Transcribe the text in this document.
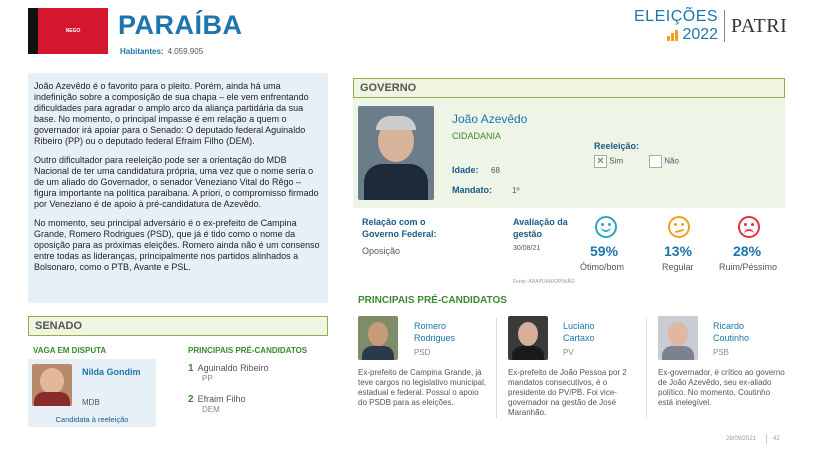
NEGO	PARAÍBA
Habitantes: 4.059.905
ELEIÇÕES
2022 PATRI

João Azevêdo é o favorito para o pleito. Porém, ainda há uma indefinição sobre a composição de sua chapa – ele vem enfrentando dificuldades para agradar o amplo arco da aliança partidária da sua base. No momento, o principal impasse é em relação a quem o governador irá apoiar para o Senado: O deputado federal Aguinaldo Ribeiro (PP) ou o deputado federal Efraim Filho (DEM).

Outro dificultador para reeleição pode ser a orientação do MDB Nacional de ter uma candidatura própria, uma vez que o nome seria o de um aliado do Governador, o senador Veneziano Vital do Rêgo – figura importante na política paraibana. A priori, o compromisso firmado por Veneziano é de apoio à pré-candidatura de Azevêdo.

No momento, seu principal adversário é o ex-prefeito de Campina Grande, Romero Rodrigues (PSD), que já é tido como o nome da oposição para as próximas eleições. Romero ainda não é um consenso entre todas as lideranças, principalmente nos partidos alinhados a Bolsonaro, como o PTB, Avante e PSL.

SENADO
VAGA EM DISPUTA
Nilda Gondim
MDB
Candidata à reeleição
PRINCIPAIS PRÉ-CANDIDATOS
1 Aguinaldo Ribeiro
PP
2 Efraim Filho
DEM
GOVERNO
João Azevêdo
CIDADANIA
Idade: 68
Mandato:	1º
Reeleição:
✕ Sim	Não
Relação com o Governo Federal:
Oposição
Avaliação da gestão
30/08/21
Fonte: ARAPUAN/OPINIÃO
59%
Ótimo/bom
13%
Regular
28%
Ruim/Péssimo
PRINCIPAIS PRÉ-CANDIDATOS
Romero Rodrigues
PSD
Ex-prefeito de Campina Grande, já teve cargos no legislativo municipal, estadual e federal. Possui o apoio do PSDB para as eleições.
Luciano Cartaxo
PV
Ex-prefeito de João Pessoa por 2 mandatos consecutivos, é o presidente do PV/PB. Foi vice-governador na gestão de José Maranhão.
Ricardo Coutinho
PSB
Ex-governador, é crítico ao governo de João Azevêdo, seu ex-aliado político. No momento, Coutinho está inelegível.
28/09/2021	42
